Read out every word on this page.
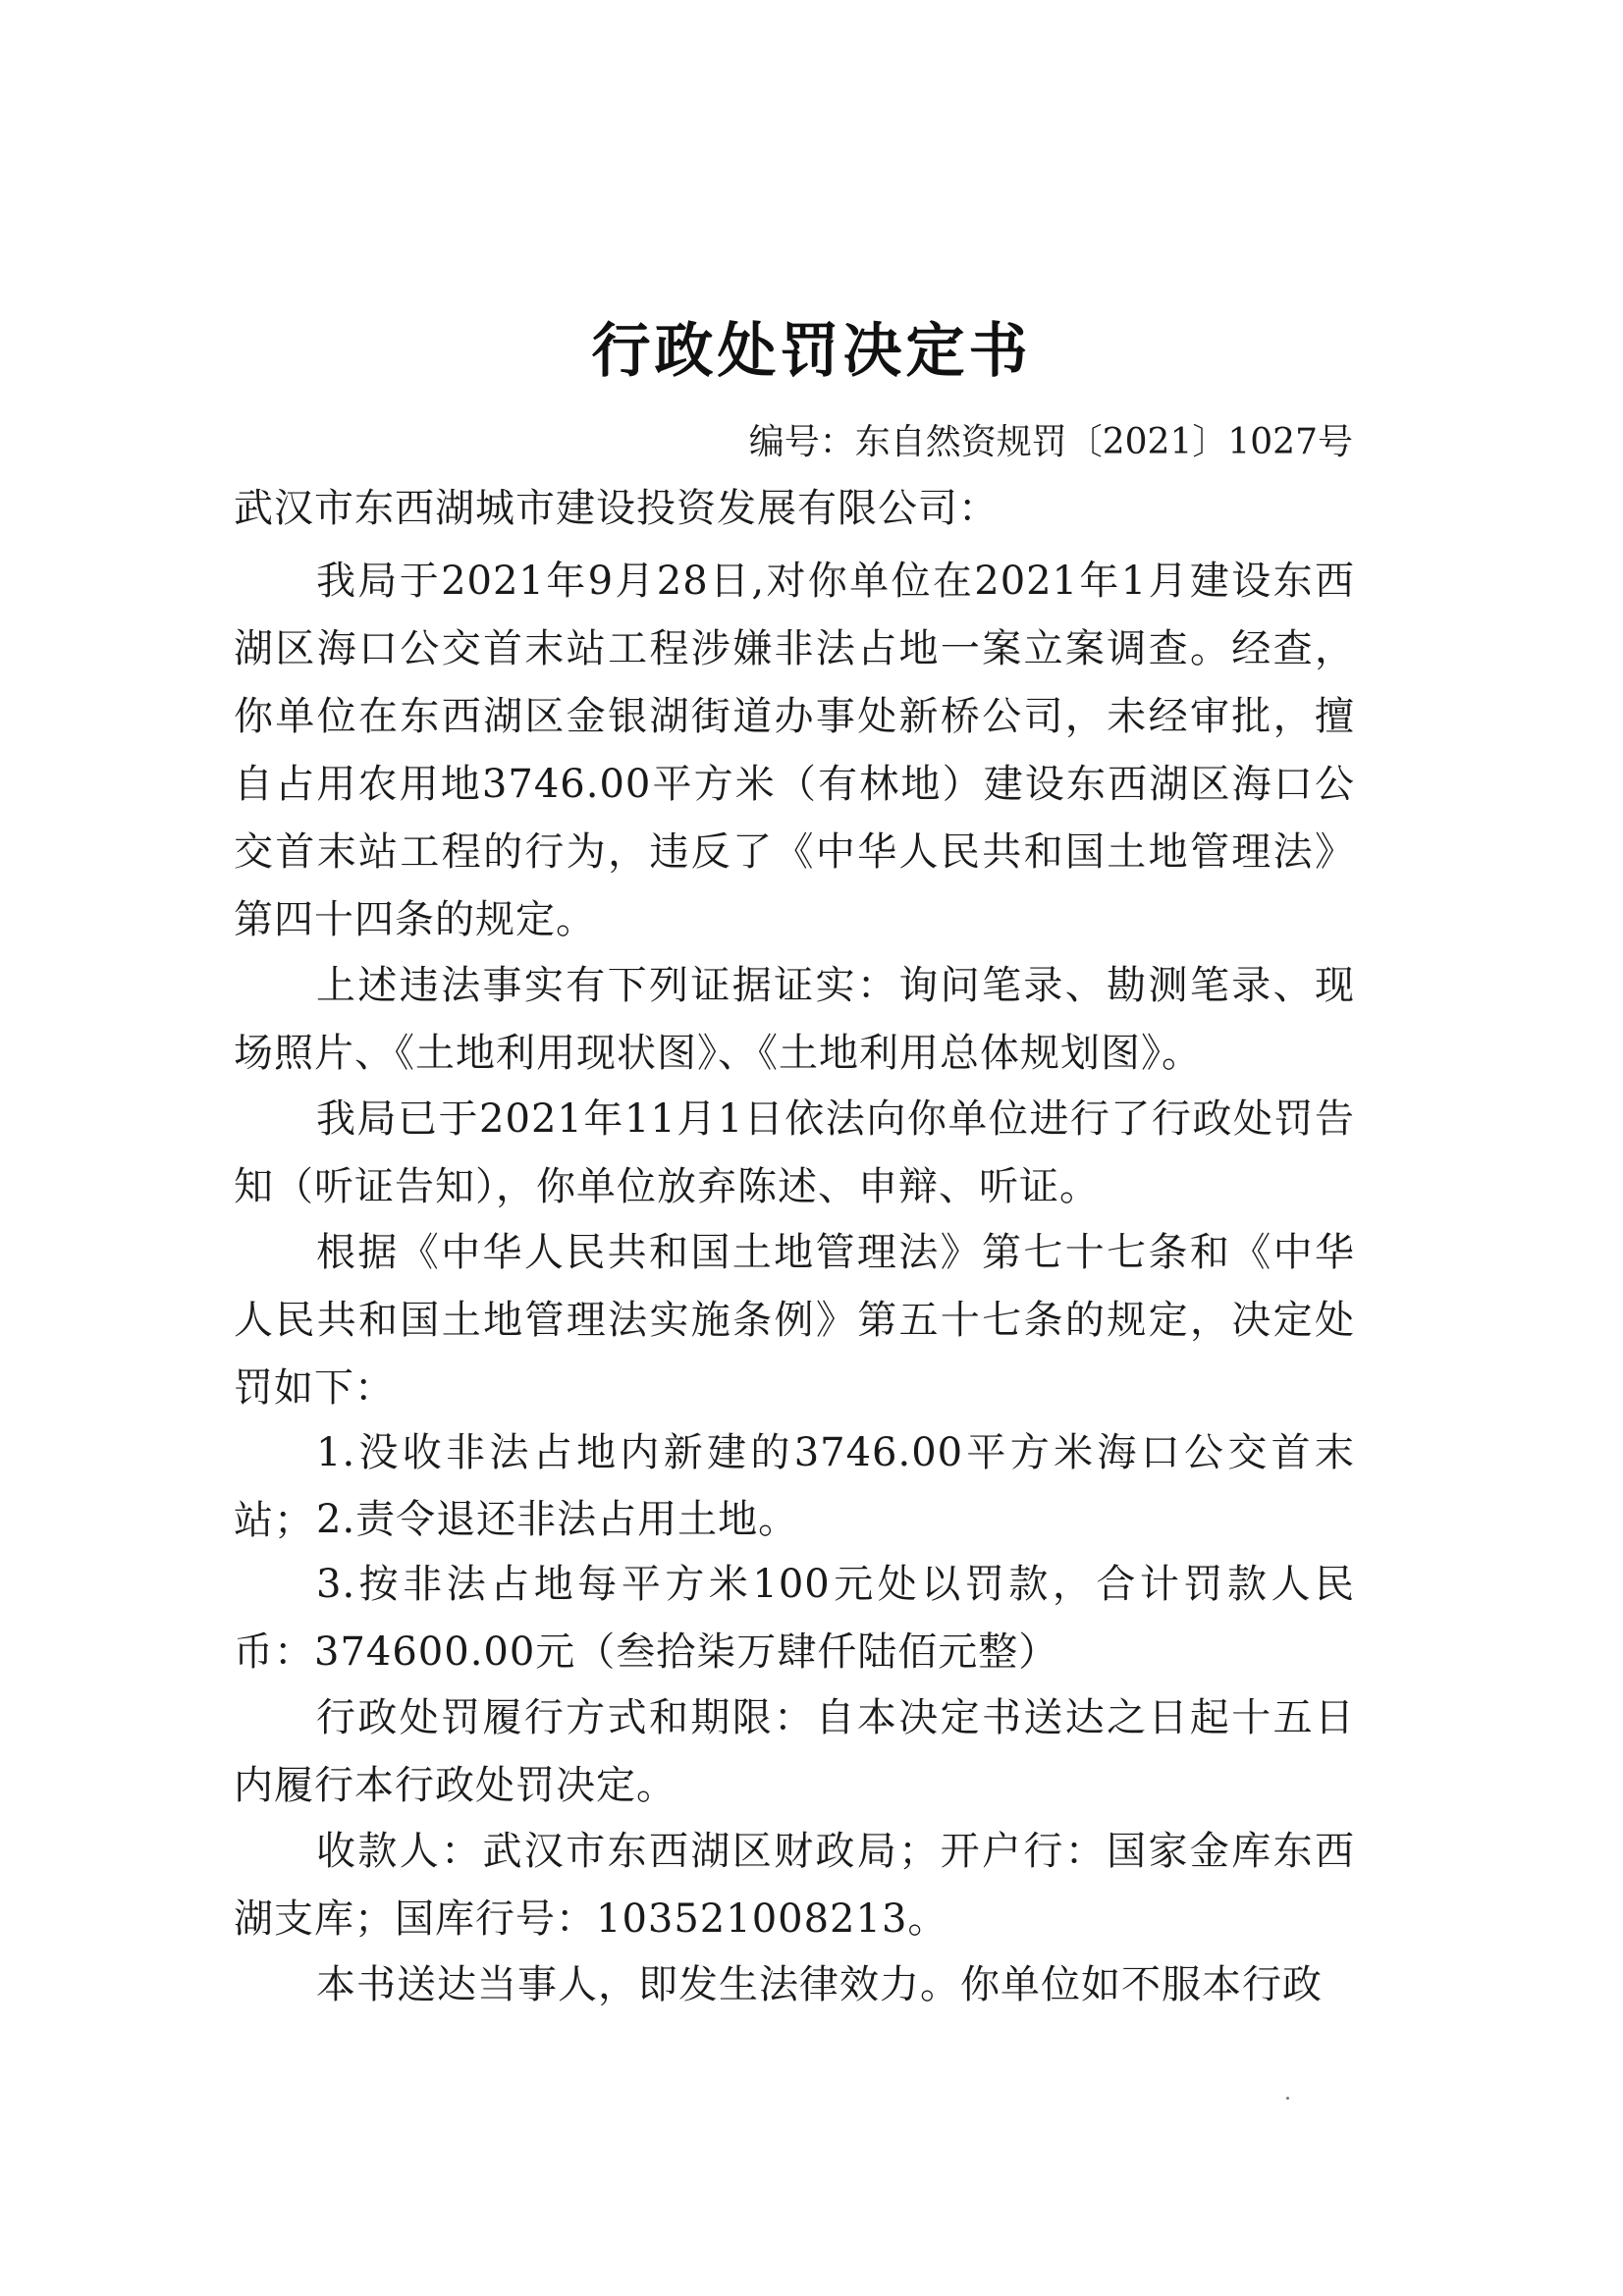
行政处罚决定书
编号：东自然资规罚〔2021〕1027号
武汉市东西湖城市建设投资发展有限公司：

我局于2021年9月28日,对你单位在2021年1月建设东西湖区海口公交首末站工程涉嫌非法占地一案立案调查。经查，你单位在东西湖区金银湖街道办事处新桥公司，未经审批，擅自占用农用地3746.00平方米（有林地）建设东西湖区海口公交首末站工程的行为，违反了《中华人民共和国土地管理法》第四十四条的规定。

上述违法事实有下列证据证实：询问笔录、勘测笔录、现场照片、《土地利用现状图》、《土地利用总体规划图》。

我局已于2021年11月1日依法向你单位进行了行政处罚告知（听证告知），你单位放弃陈述、申辩、听证。

根据《中华人民共和国土地管理法》第七十七条和《中华人民共和国土地管理法实施条例》第五十七条的规定，决定处罚如下：

1.没收非法占地内新建的3746.00平方米海口公交首末站； 2.责令退还非法占用土地。

3.按非法占地每平方米100元处以罚款，合计罚款人民币：374600.00元（叁拾柒万肆仟陆佰元整）

行政处罚履行方式和期限：自本决定书送达之日起十五日内履行本行政处罚决定。

收款人：武汉市东西湖区财政局；开户行：国家金库东西湖支库；国库行号：103521008213。

本书送达当事人，即发生法律效力。你单位如不服本行政
